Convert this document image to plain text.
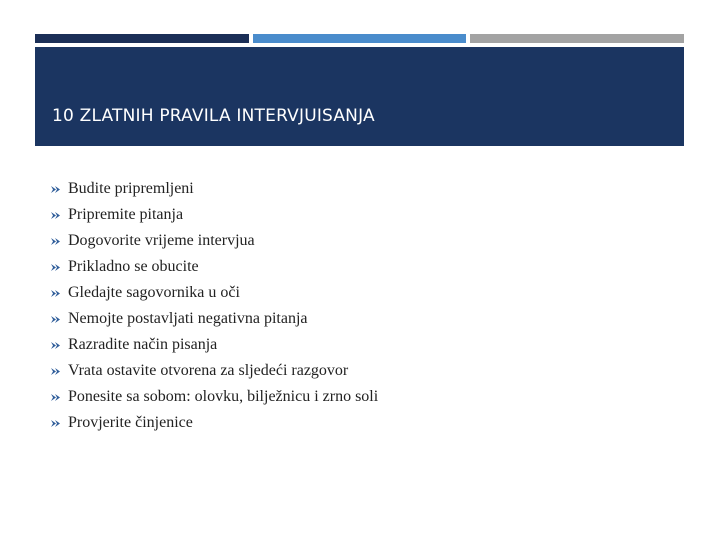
10 ZLATNIH PRAVILA INTERVJUISANJA
Budite pripremljeni
Pripremite pitanja
Dogovorite vrijeme intervjua
Prikladno se obucite
Gledajte sagovornika u oči
Nemojte postavljati negativna pitanja
Razradite način pisanja
Vrata ostavite otvorena za sljedeći razgovor
Ponesite sa sobom: olovku, bilježnicu i zrno soli
Provjerite činjenice
